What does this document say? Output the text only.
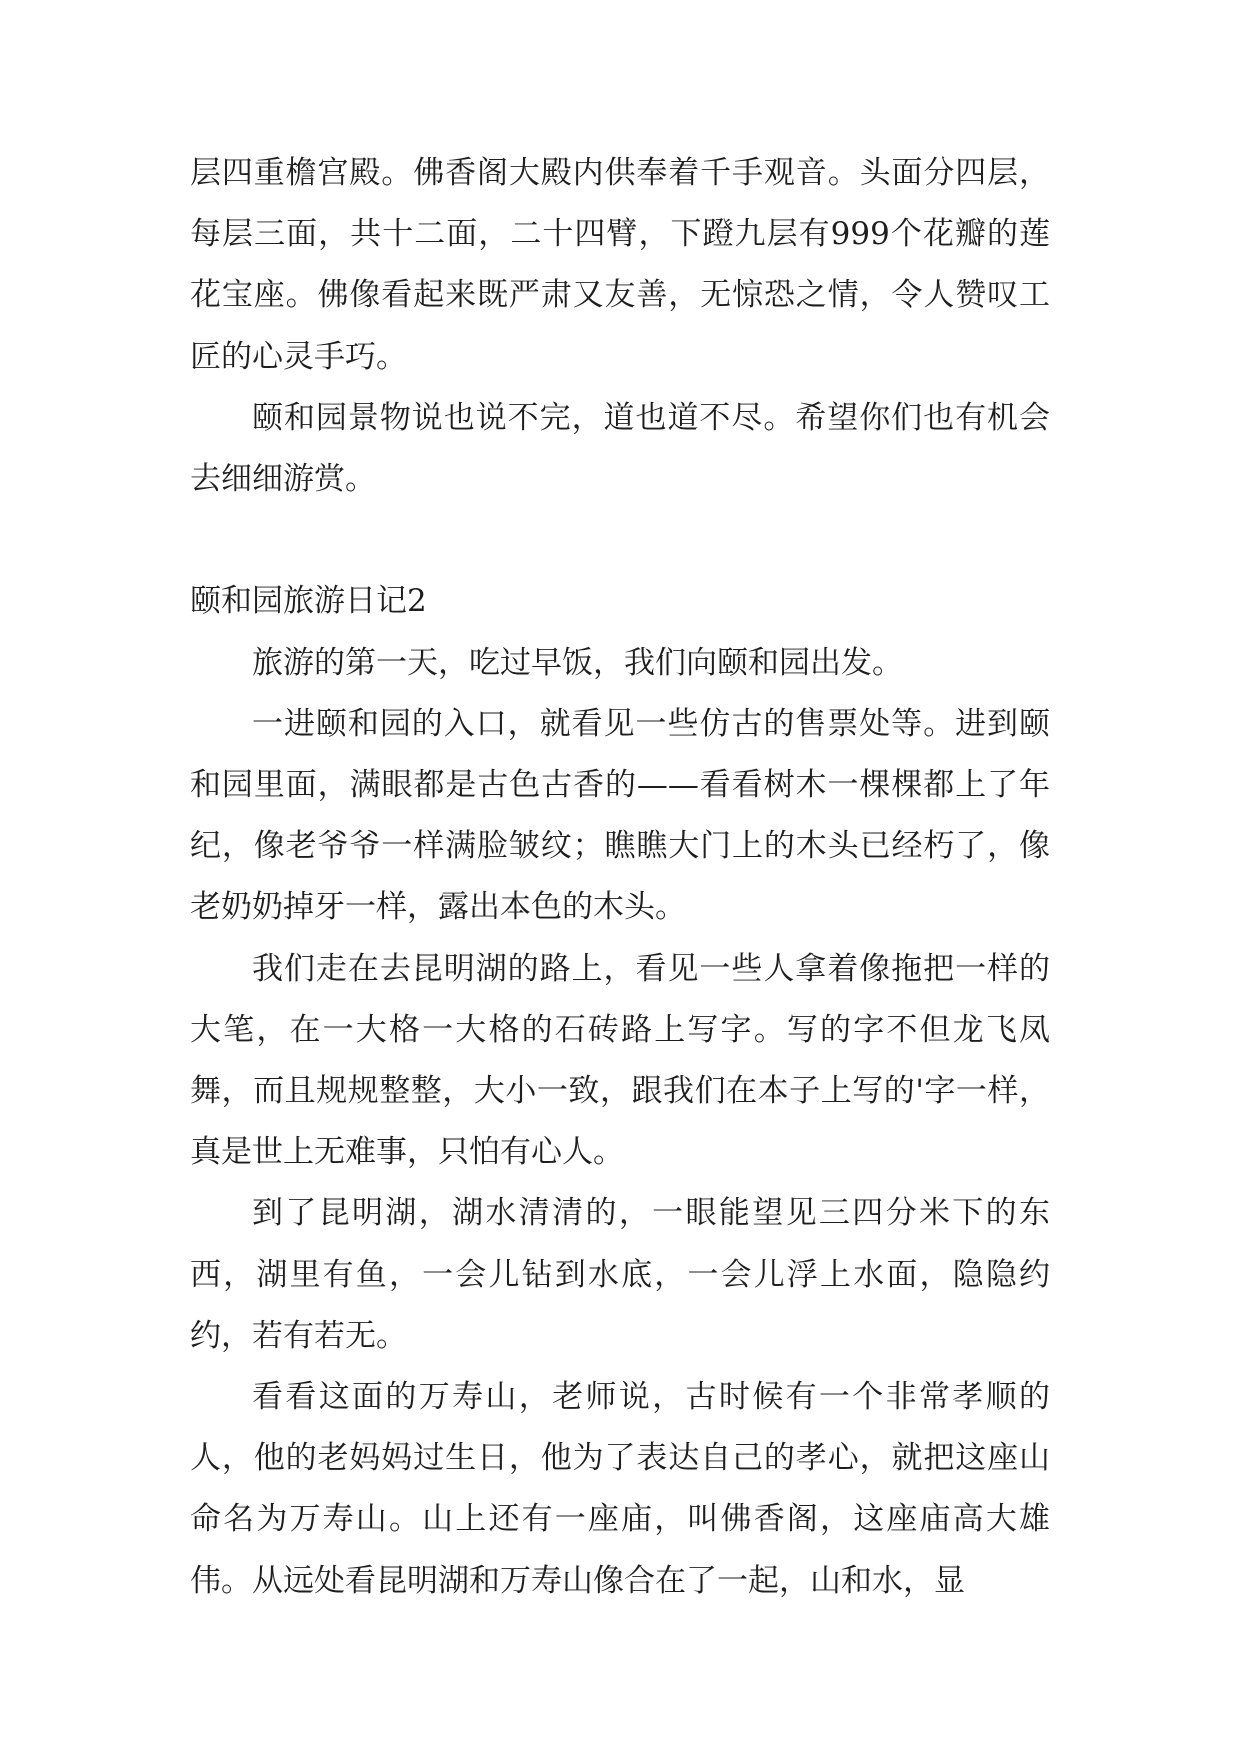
层四重檐宫殿。佛香阁大殿内供奉着千手观音。头面分四层，每层三面，共十二面，二十四臂，下蹬九层有999个花瓣的莲花宝座。佛像看起来既严肃又友善，无惊恐之情，令人赞叹工匠的心灵手巧。

颐和园景物说也说不完，道也道不尽。希望你们也有机会去细细游赏。

颐和园旅游日记2

旅游的第一天，吃过早饭，我们向颐和园出发。

一进颐和园的入口，就看见一些仿古的售票处等。进到颐和园里面，满眼都是古色古香的——看看树木一棵棵都上了年纪，像老爷爷一样满脸皱纹；瞧瞧大门上的木头已经朽了，像老奶奶掉牙一样，露出本色的木头。

我们走在去昆明湖的路上，看见一些人拿着像拖把一样的大笔，在一大格一大格的石砖路上写字。写的字不但龙飞凤舞，而且规规整整，大小一致，跟我们在本子上写的'字一样，真是世上无难事，只怕有心人。

到了昆明湖，湖水清清的，一眼能望见三四分米下的东西，湖里有鱼，一会儿钻到水底，一会儿浮上水面，隐隐约约，若有若无。

看看这面的万寿山，老师说，古时候有一个非常孝顺的人，他的老妈妈过生日，他为了表达自己的孝心，就把这座山命名为万寿山。山上还有一座庙，叫佛香阁，这座庙高大雄伟。从远处看昆明湖和万寿山像合在了一起，山和水，显
